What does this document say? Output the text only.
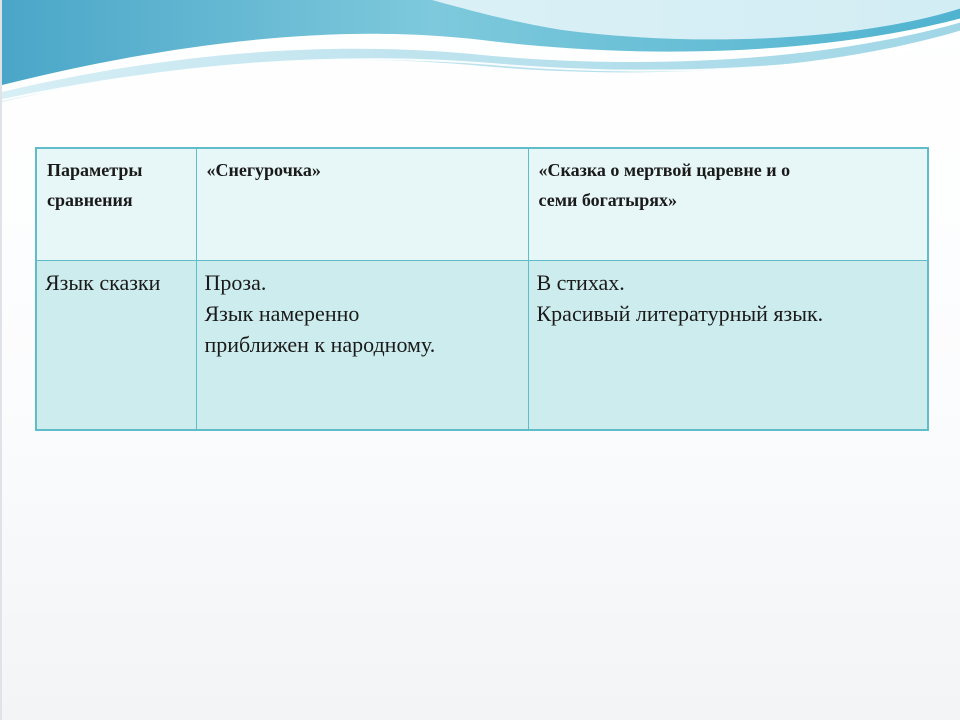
Параметры
сравнения	«Снегурочка»	«Сказка о мертвой царевне и о
семи богатырях»

Язык сказки	Проза.
Язык намеренно
приближен к народному.	В стихах.
Красивый литературный язык.
